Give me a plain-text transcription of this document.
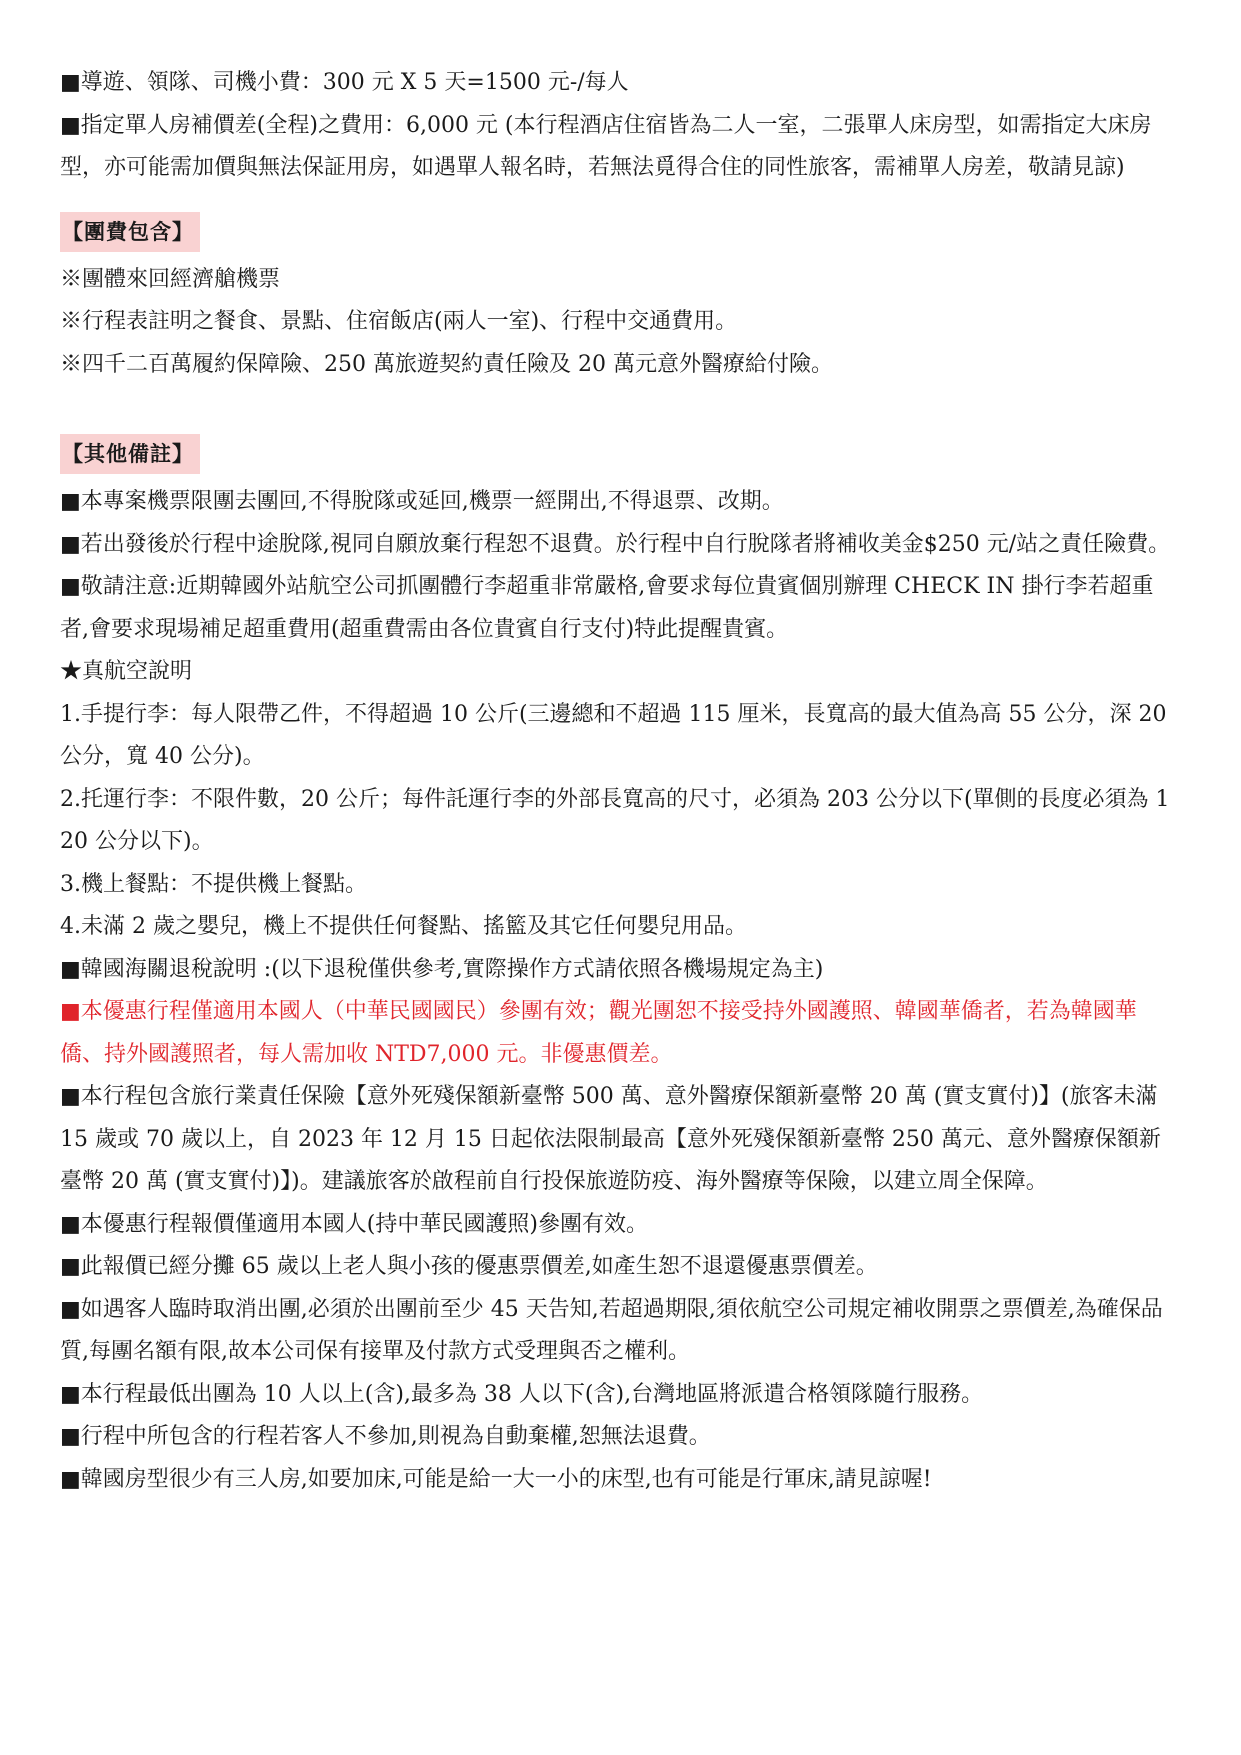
■導遊、領隊、司機小費：300 元 X 5 天=1500 元-/每人

■指定單人房補價差(全程)之費用：6,000 元 (本行程酒店住宿皆為二人一室，二張單人床房型，如需指定大床房型，亦可能需加價與無法保証用房，如遇單人報名時，若無法覓得合住的同性旅客，需補單人房差，敬請見諒)

【團費包含】

※團體來回經濟艙機票

※行程表註明之餐食、景點、住宿飯店(兩人一室)、行程中交通費用。

※四千二百萬履約保障險、250 萬旅遊契約責任險及 20 萬元意外醫療給付險。

【其他備註】

■本專案機票限團去團回,不得脫隊或延回,機票一經開出,不得退票、改期。

■若出發後於行程中途脫隊,視同自願放棄行程恕不退費。於行程中自行脫隊者將補收美金$250 元/站之責任險費。

■敬請注意:近期韓國外站航空公司抓團體行李超重非常嚴格,會要求每位貴賓個別辦理 CHECK IN 掛行李若超重者,會要求現場補足超重費用(超重費需由各位貴賓自行支付)特此提醒貴賓。

★真航空說明

1.手提行李：每人限帶乙件，不得超過 10 公斤(三邊總和不超過 115 厘米，長寬高的最大值為高 55 公分，深 20 公分，寬 40 公分)。

2.托運行李：不限件數，20 公斤；每件託運行李的外部長寬高的尺寸，必須為 203 公分以下(單側的長度必須為 120 公分以下)。

3.機上餐點：不提供機上餐點。

4.未滿 2 歲之嬰兒，機上不提供任何餐點、搖籃及其它任何嬰兒用品。

■韓國海關退稅說明 :(以下退稅僅供參考,實際操作方式請依照各機場規定為主)

■本優惠行程僅適用本國人（中華民國國民）參團有效；觀光團恕不接受持外國護照、韓國華僑者，若為韓國華僑、持外國護照者，每人需加收 NTD7,000 元。非優惠價差。

■本行程包含旅行業責任保險【意外死殘保額新臺幣 500 萬、意外醫療保額新臺幣 20 萬 (實支實付)】(旅客未滿 15 歲或 70 歲以上，自 2023 年 12 月 15 日起依法限制最高【意外死殘保額新臺幣 250 萬元、意外醫療保額新臺幣 20 萬 (實支實付)】)。建議旅客於啟程前自行投保旅遊防疫、海外醫療等保險，以建立周全保障。

■本優惠行程報價僅適用本國人(持中華民國護照)參團有效。

■此報價已經分攤 65 歲以上老人與小孩的優惠票價差,如產生恕不退還優惠票價差。

■如遇客人臨時取消出團,必須於出團前至少 45 天告知,若超過期限,須依航空公司規定補收開票之票價差,為確保品質,每團名額有限,故本公司保有接單及付款方式受理與否之權利。

■本行程最低出團為 10 人以上(含),最多為 38 人以下(含),台灣地區將派遣合格領隊隨行服務。

■行程中所包含的行程若客人不參加,則視為自動棄權,恕無法退費。

■韓國房型很少有三人房,如要加床,可能是給一大一小的床型,也有可能是行軍床,請見諒喔!
